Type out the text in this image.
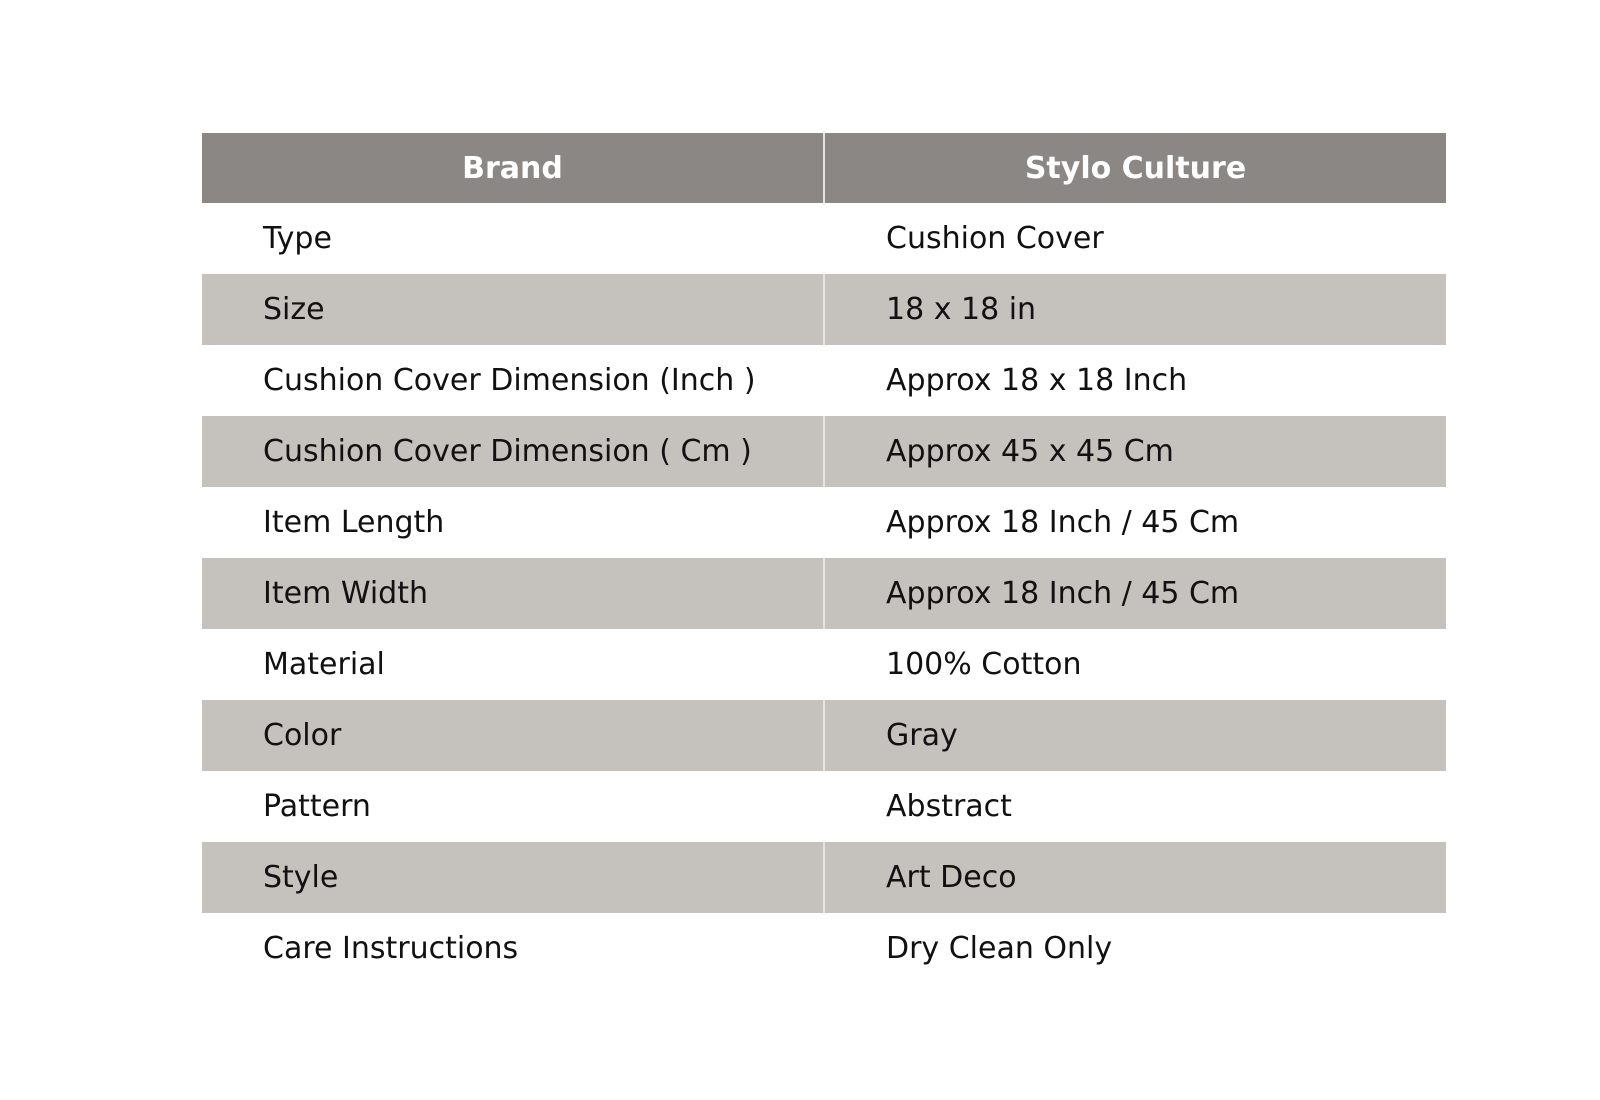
Brand	Stylo Culture
Type	Cushion Cover
Size	18 x 18 in
Cushion Cover Dimension (Inch )	Approx 18 x 18 Inch
Cushion Cover Dimension ( Cm )	Approx 45 x 45 Cm
Item Length	Approx 18 Inch / 45 Cm
Item Width	Approx 18 Inch / 45 Cm
Material	100% Cotton
Color	Gray
Pattern	Abstract
Style	Art Deco
Care Instructions	Dry Clean Only
